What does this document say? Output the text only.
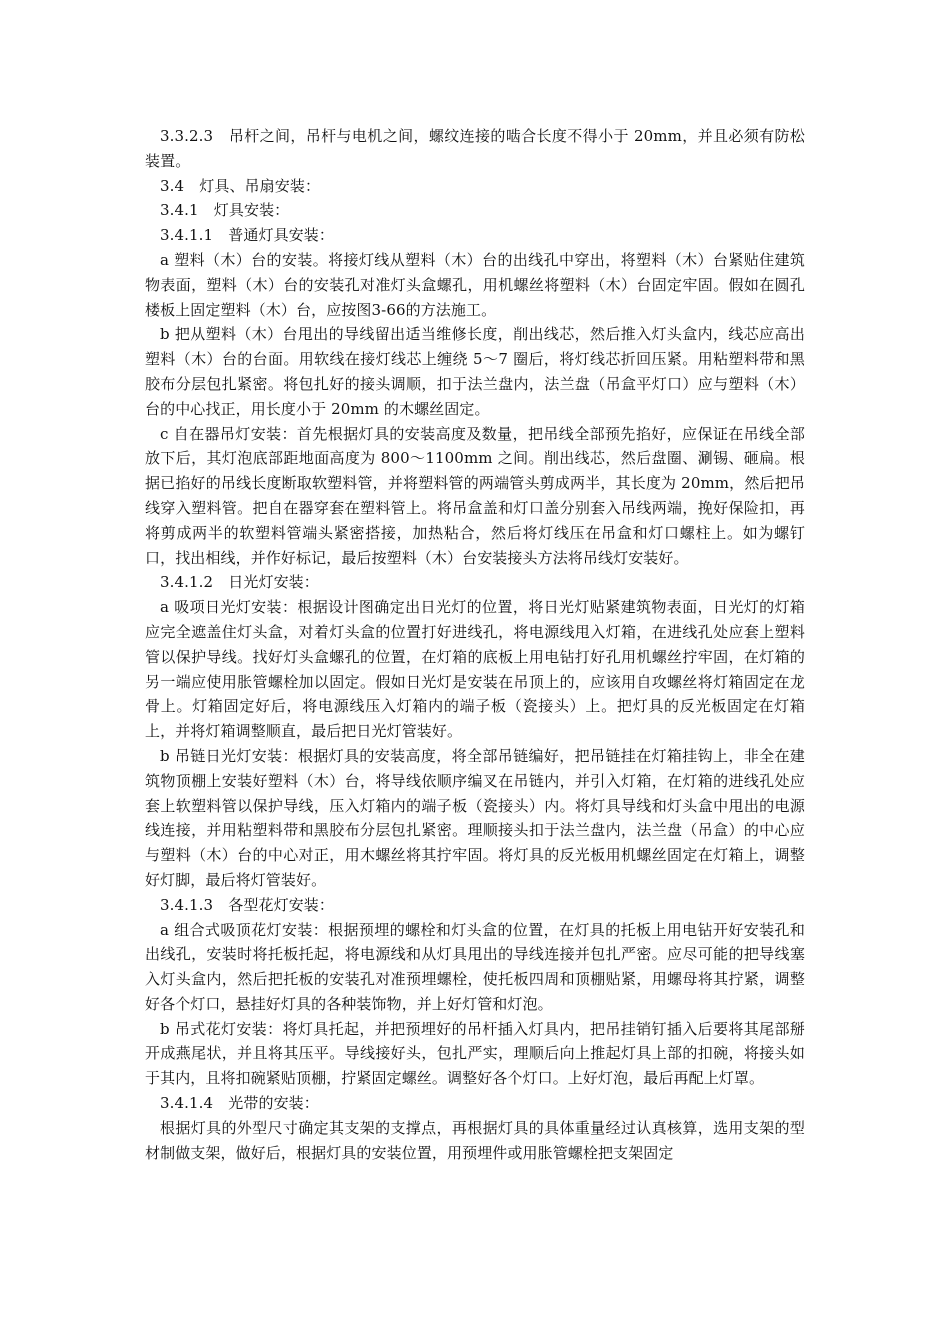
3.3.2.3　吊杆之间，吊杆与电机之间，螺纹连接的啮合长度不得小于 20mm，并且必须有防松装置。

3.4　灯具、吊扇安装：

3.4.1　灯具安装：

3.4.1.1　普通灯具安装：

a 塑料（木）台的安装。将接灯线从塑料（木）台的出线孔中穿出，将塑料（木）台紧贴住建筑物表面，塑料（木）台的安装孔对准灯头盒螺孔，用机螺丝将塑料（木）台固定牢固。假如在圆孔楼板上固定塑料（木）台，应按图3-66的方法施工。

b 把从塑料（木）台甩出的导线留出适当维修长度，削出线芯，然后推入灯头盒内，线芯应高出塑料（木）台的台面。用软线在接灯线芯上缠绕 5～7 圈后，将灯线芯折回压紧。用粘塑料带和黑胶布分层包扎紧密。将包扎好的接头调顺，扣于法兰盘内，法兰盘（吊盒平灯口）应与塑料（木）台的中心找正，用长度小于 20mm 的木螺丝固定。

c 自在器吊灯安装：首先根据灯具的安装高度及数量，把吊线全部预先掐好，应保证在吊线全部放下后，其灯泡底部距地面高度为 800～1100mm 之间。削出线芯，然后盘圈、涮锡、砸扁。根据已掐好的吊线长度断取软塑料管，并将塑料管的两端管头剪成两半，其长度为 20mm，然后把吊线穿入塑料管。把自在器穿套在塑料管上。将吊盒盖和灯口盖分别套入吊线两端，挽好保险扣，再将剪成两半的软塑料管端头紧密搭接，加热粘合，然后将灯线压在吊盒和灯口螺柱上。如为螺钉口，找出相线，并作好标记，最后按塑料（木）台安装接头方法将吊线灯安装好。

3.4.1.2　日光灯安装：

a 吸项日光灯安装：根据设计图确定出日光灯的位置，将日光灯贴紧建筑物表面，日光灯的灯箱应完全遮盖住灯头盒，对着灯头盒的位置打好进线孔，将电源线甩入灯箱，在进线孔处应套上塑料管以保护导线。找好灯头盒螺孔的位置，在灯箱的底板上用电钻打好孔用机螺丝拧牢固，在灯箱的另一端应使用胀管螺栓加以固定。假如日光灯是安装在吊顶上的，应该用自攻螺丝将灯箱固定在龙骨上。灯箱固定好后，将电源线压入灯箱内的端子板（瓷接头）上。把灯具的反光板固定在灯箱上，并将灯箱调整顺直，最后把日光灯管装好。

b 吊链日光灯安装：根据灯具的安装高度，将全部吊链编好，把吊链挂在灯箱挂钩上，非全在建筑物顶棚上安装好塑料（木）台，将导线依顺序编叉在吊链内，并引入灯箱，在灯箱的进线孔处应套上软塑料管以保护导线，压入灯箱内的端子板（瓷接头）内。将灯具导线和灯头盒中甩出的电源线连接，并用粘塑料带和黑胶布分层包扎紧密。理顺接头扣于法兰盘内，法兰盘（吊盒）的中心应与塑料（木）台的中心对正，用木螺丝将其拧牢固。将灯具的反光板用机螺丝固定在灯箱上，调整好灯脚，最后将灯管装好。

3.4.1.3　各型花灯安装：

a 组合式吸顶花灯安装：根据预埋的螺栓和灯头盒的位置，在灯具的托板上用电钻开好安装孔和出线孔，安装时将托板托起，将电源线和从灯具甩出的导线连接并包扎严密。应尽可能的把导线塞入灯头盒内，然后把托板的安装孔对准预埋螺栓，使托板四周和顶棚贴紧，用螺母将其拧紧，调整好各个灯口，悬挂好灯具的各种装饰物，并上好灯管和灯泡。

b 吊式花灯安装：将灯具托起，并把预埋好的吊杆插入灯具内，把吊挂销钉插入后要将其尾部掰开成燕尾状，并且将其压平。导线接好头，包扎严实，理顺后向上推起灯具上部的扣碗，将接头如于其内，且将扣碗紧贴顶棚，拧紧固定螺丝。调整好各个灯口。上好灯泡，最后再配上灯罩。

3.4.1.4　光带的安装：

根据灯具的外型尺寸确定其支架的支撑点，再根据灯具的具体重量经过认真核算，选用支架的型材制做支架，做好后，根据灯具的安装位置，用预埋件或用胀管螺栓把支架固定
